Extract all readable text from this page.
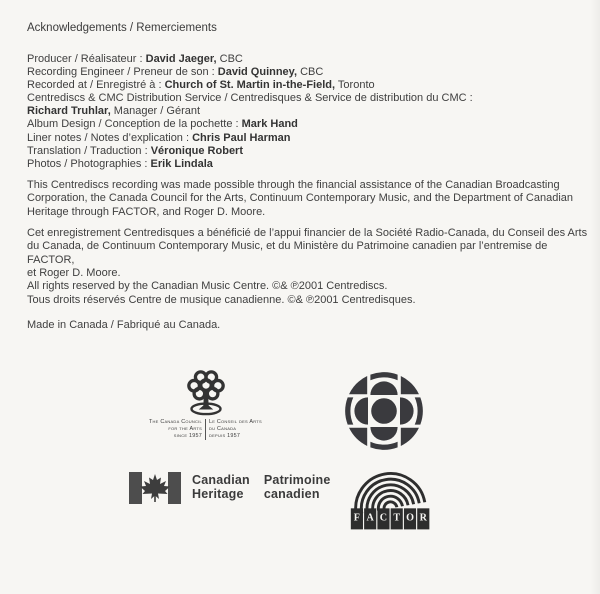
Acknowledgements / Remerciements
Producer / Réalisateur : David Jaeger, CBC
Recording Engineer / Preneur de son : David Quinney, CBC
Recorded at / Enregistré à : Church of St. Martin in-the-Field, Toronto
Centrediscs & CMC Distribution Service / Centredisques & Service de distribution du CMC :
Richard Truhlar, Manager / Gérant
Album Design / Conception de la pochette : Mark Hand
Liner notes / Notes d’explication : Chris Paul Harman
Translation / Traduction : Véronique Robert
Photos / Photographies : Erik Lindala
This Centrediscs recording was made possible through the financial assistance of the Canadian Broadcasting
Corporation, the Canada Council for the Arts, Continuum Contemporary Music, and the Department of Canadian
Heritage through FACTOR, and Roger D. Moore.
Cet enregistrement Centredisques a bénéficié de l’appui financier de la Société Radio-Canada, du Conseil des Arts
du Canada, de Continuum Contemporary Music, et du Ministère du Patrimoine canadien par l’entremise de FACTOR,
et Roger D. Moore.
All rights reserved by the Canadian Music Centre. ©& ℗2001 Centrediscs.
Tous droits réservés Centre de musique canadienne. ©& ℗2001 Centredisques.
Made in Canada / Fabriqué au Canada.
The Canada Council
for the Arts
since 1957
Le Conseil des Arts
du Canada
depuis 1957
Canadian
Heritage
Patrimoine
canadien
F A C T O R
